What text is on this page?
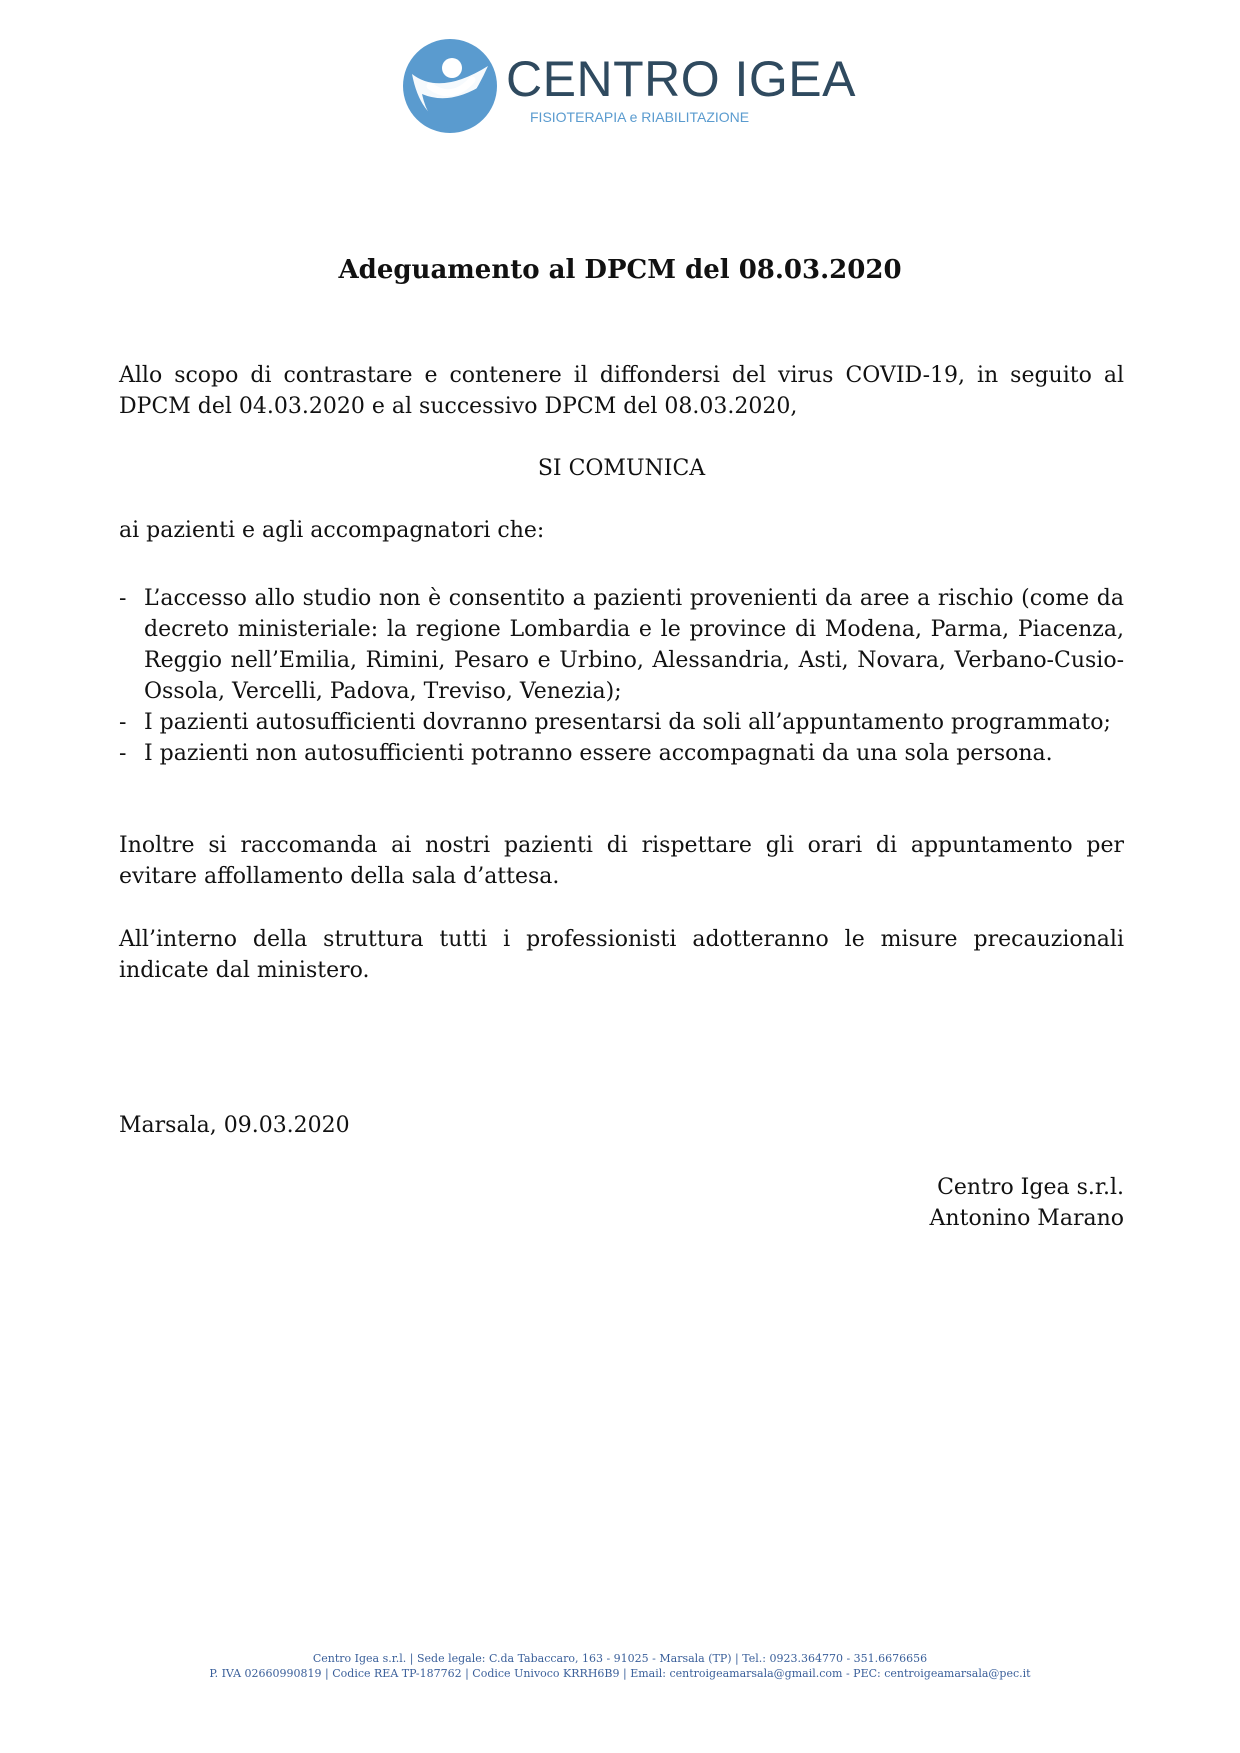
CENTRO IGEA
FISIOTERAPIA e RIABILITAZIONE
Adeguamento al DPCM del 08.03.2020
Allo scopo di contrastare e contenere il diffondersi del virus COVID-19, in seguito al DPCM del 04.03.2020 e al successivo DPCM del 08.03.2020,
SI COMUNICA
ai pazienti e agli accompagnatori che:
- L’accesso allo studio non è consentito a pazienti provenienti da aree a rischio (come da decreto ministeriale: la regione Lombardia e le province di Modena, Parma, Piacenza, Reggio nell’Emilia, Rimini, Pesaro e Urbino, Alessandria, Asti, Novara, Verbano-Cusio-Ossola, Vercelli, Padova, Treviso, Venezia);
- I pazienti autosufficienti dovranno presentarsi da soli all’appuntamento programmato;
- I pazienti non autosufficienti potranno essere accompagnati da una sola persona.
Inoltre si raccomanda ai nostri pazienti di rispettare gli orari di appuntamento per evitare affollamento della sala d’attesa.
All’interno della struttura tutti i professionisti adotteranno le misure precauzionali indicate dal ministero.
Marsala, 09.03.2020
Centro Igea s.r.l.
Antonino Marano
Centro Igea s.r.l. | Sede legale: C.da Tabaccaro, 163 - 91025 - Marsala (TP) | Tel.: 0923.364770 - 351.6676656
P. IVA 02660990819 | Codice REA TP-187762 | Codice Univoco KRRH6B9 | Email: centroigeamarsala@gmail.com - PEC: centroigeamarsala@pec.it
